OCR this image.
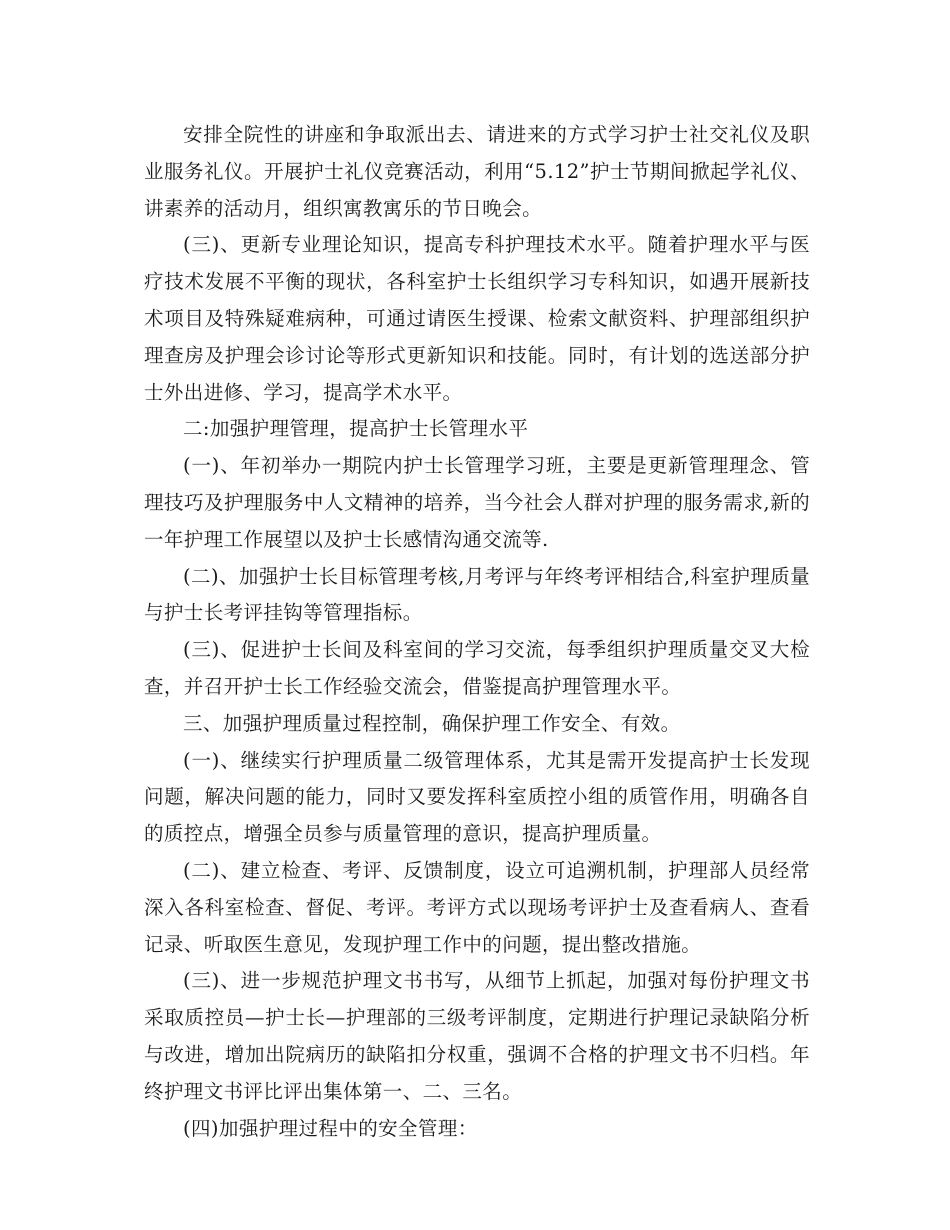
安排全院性的讲座和争取派出去、请进来的方式学习护士社交礼仪及职业服务礼仪。开展护士礼仪竞赛活动，利用“5.12”护士节期间掀起学礼仪、讲素养的活动月，组织寓教寓乐的节日晚会。

(三)、更新专业理论知识，提高专科护理技术水平。随着护理水平与医疗技术发展不平衡的现状，各科室护士长组织学习专科知识，如遇开展新技术项目及特殊疑难病种，可通过请医生授课、检索文献资料、护理部组织护理查房及护理会诊讨论等形式更新知识和技能。同时，有计划的选送部分护士外出进修、学习，提高学术水平。

二:加强护理管理，提高护士长管理水平

(一)、年初举办一期院内护士长管理学习班，主要是更新管理理念、管理技巧及护理服务中人文精神的培养，当今社会人群对护理的服务需求,新的一年护理工作展望以及护士长感情沟通交流等.

(二)、加强护士长目标管理考核,月考评与年终考评相结合,科室护理质量与护士长考评挂钩等管理指标。

(三)、促进护士长间及科室间的学习交流，每季组织护理质量交叉大检查，并召开护士长工作经验交流会，借鉴提高护理管理水平。

三、加强护理质量过程控制，确保护理工作安全、有效。

(一)、继续实行护理质量二级管理体系，尤其是需开发提高护士长发现问题，解决问题的能力，同时又要发挥科室质控小组的质管作用，明确各自的质控点，增强全员参与质量管理的意识，提高护理质量。

(二)、建立检查、考评、反馈制度，设立可追溯机制，护理部人员经常深入各科室检查、督促、考评。考评方式以现场考评护士及查看病人、查看记录、听取医生意见，发现护理工作中的问题，提出整改措施。

(三)、进一步规范护理文书书写，从细节上抓起，加强对每份护理文书采取质控员—护士长—护理部的三级考评制度，定期进行护理记录缺陷分析与改进，增加出院病历的缺陷扣分权重，强调不合格的护理文书不归档。年终护理文书评比评出集体第一、二、三名。

(四)加强护理过程中的安全管理：
